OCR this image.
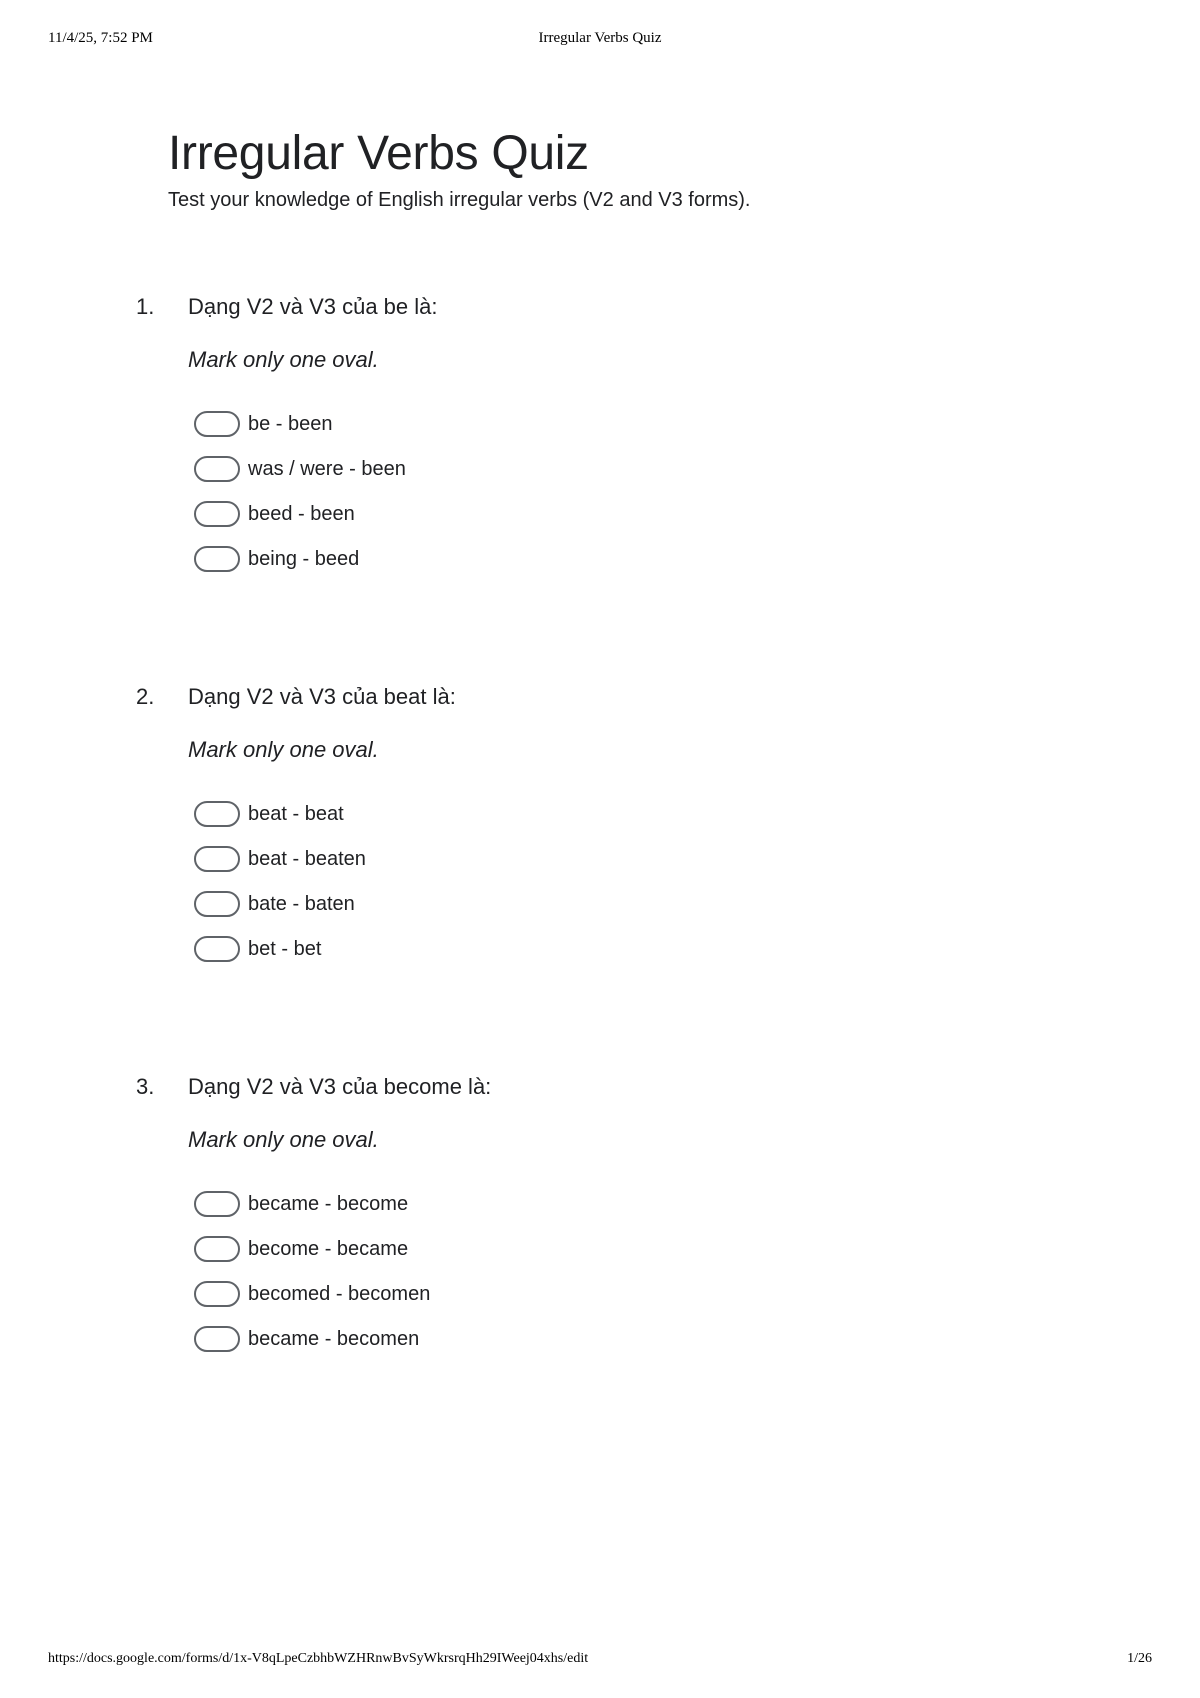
11/4/25, 7:52 PM	Irregular Verbs Quiz
Irregular Verbs Quiz
Test your knowledge of English irregular verbs (V2 and V3 forms).
1.	Dạng V2 và V3 của be là:
Mark only one oval.
be - been
was / were - been
beed - been
being - beed
2.	Dạng V2 và V3 của beat là:
Mark only one oval.
beat - beat
beat - beaten
bate - baten
bet - bet
3.	Dạng V2 và V3 của become là:
Mark only one oval.
became - become
become - became
becomed - becomen
became - becomen
https://docs.google.com/forms/d/1x-V8qLpeCzbhbWZHRnwBvSyWkrsrqHh29IWeej04xhs/edit	1/26
